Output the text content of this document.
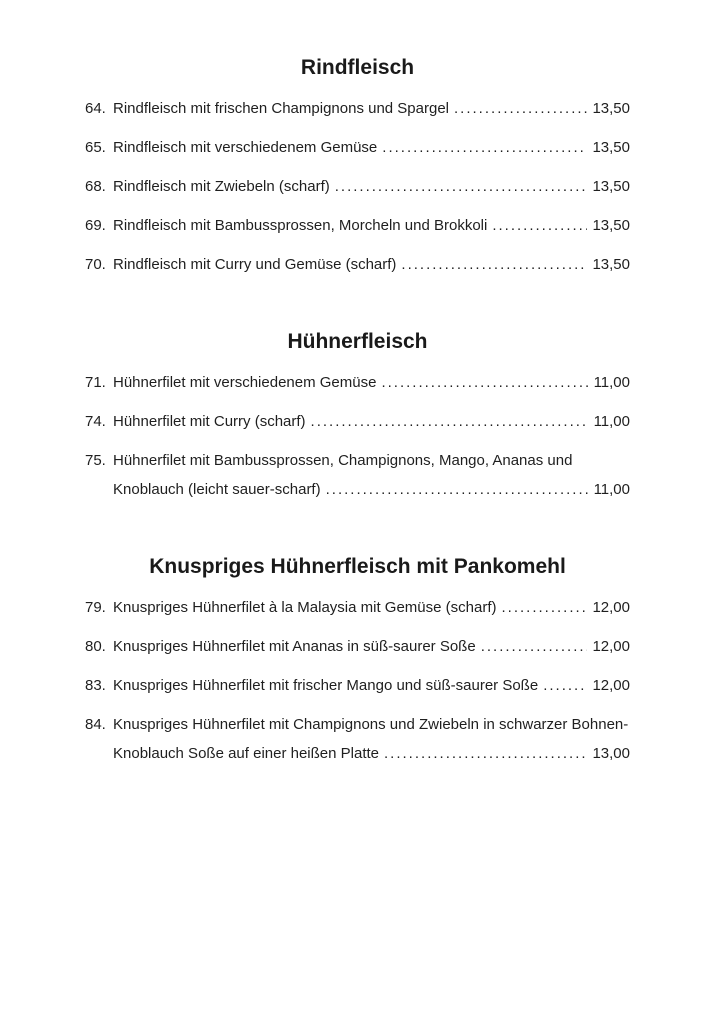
Rindfleisch
64. Rindfleisch mit frischen Champignons und Spargel .....	13,50
65. Rindfleisch mit verschiedenem Gemüse .....	13,50
68. Rindfleisch mit Zwiebeln (scharf) .....	13,50
69. Rindfleisch mit Bambussprossen, Morcheln und Brokkoli .....	13,50
70. Rindfleisch mit Curry und Gemüse (scharf) .....	13,50
Hühnerfleisch
71. Hühnerfilet mit verschiedenem Gemüse .....	11,00
74. Hühnerfilet mit Curry (scharf) .....	11,00
75. Hühnerfilet mit Bambussprossen, Champignons, Mango, Ananas und
Knoblauch (leicht sauer-scharf) .....	11,00
Knuspriges Hühnerfleisch mit Pankomehl
79. Knuspriges Hühnerfilet à la Malaysia mit Gemüse (scharf) .....	12,00
80. Knuspriges Hühnerfilet mit Ananas in süß-saurer Soße .....	12,00
83. Knuspriges Hühnerfilet mit frischer Mango und süß-saurer Soße .....	12,00
84. Knuspriges Hühnerfilet mit Champignons und Zwiebeln in schwarzer Bohnen-
Knoblauch Soße auf einer heißen Platte .....	13,00
